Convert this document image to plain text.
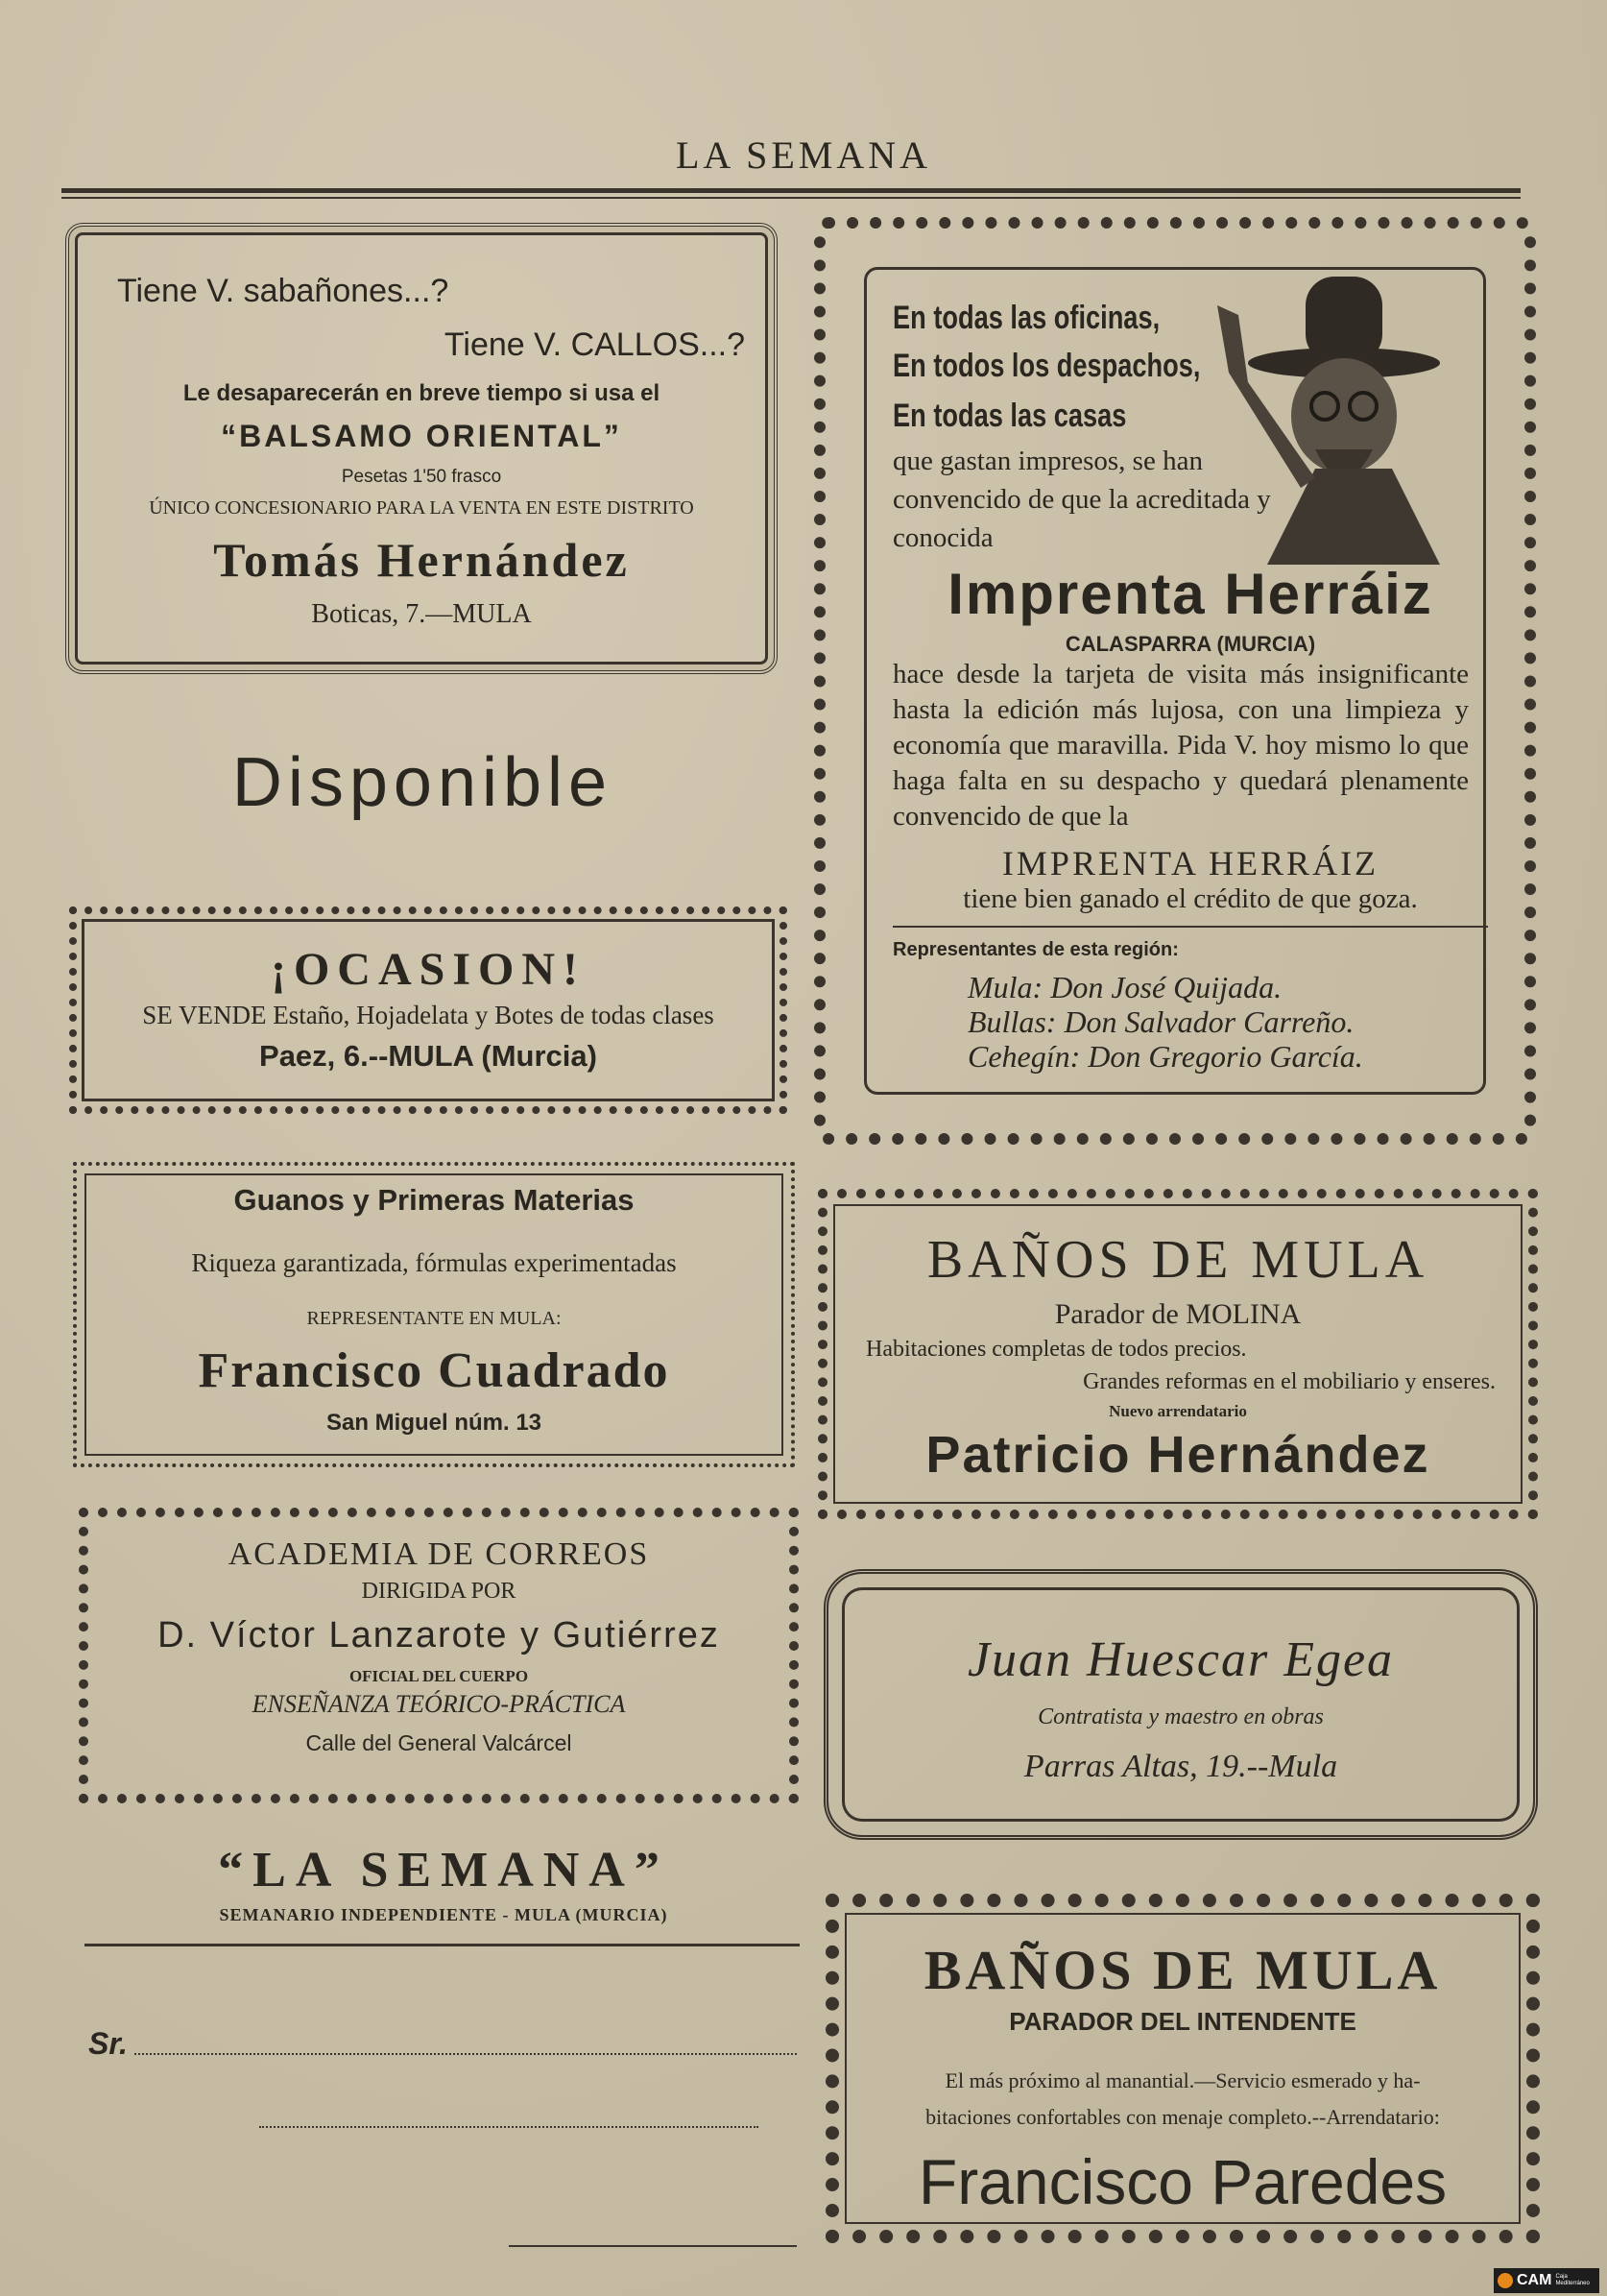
LA SEMANA
Tiene V. sabañones...?
Tiene V. CALLOS...?
Le desaparecerán en breve tiempo si usa el
“BALSAMO ORIENTAL”
Pesetas 1'50 frasco
ÚNICO CONCESIONARIO PARA LA VENTA EN ESTE DISTRITO
Tomás Hernández
Boticas, 7.—MULA
Disponible
¡OCASION!
SE VENDE Estaño, Hojadelata y Botes de todas clases
Paez, 6.--MULA (Murcia)
Guanos y Primeras Materias
Riqueza garantizada, fórmulas experimentadas
REPRESENTANTE EN MULA:
Francisco Cuadrado
San Miguel núm. 13
ACADEMIA DE CORREOS
DIRIGIDA POR
D. Víctor Lanzarote y Gutiérrez
OFICIAL DEL CUERPO
ENSEÑANZA TEÓRICO-PRÁCTICA
Calle del General Valcárcel
“LA SEMANA”
SEMANARIO INDEPENDIENTE - MULA (MURCIA)
Sr.
En todas las oficinas,
En todos los despachos,
En todas las casas
que gastan impresos, se han convencido de que la acreditada y conocida
Imprenta Herráiz
CALASPARRA (MURCIA)
hace desde la tarjeta de visita más insignificante hasta la edición más lujosa, con una limpieza y economía que maravilla. Pida V. hoy mismo lo que haga falta en su despacho y quedará plenamente convencido de que la
IMPRENTA HERRÁIZ
tiene bien ganado el crédito de que goza.
Representantes de esta región:
Mula: Don José Quijada.
Bullas: Don Salvador Carreño.
Cehegín: Don Gregorio García.
BAÑOS DE MULA
Parador de MOLINA
Habitaciones completas de todos precios.
Grandes reformas en el mobiliario y enseres.
Nuevo arrendatario
Patricio Hernández
Juan Huescar Egea
Contratista y maestro en obras
Parras Altas, 19.--Mula
BAÑOS DE MULA
PARADOR DEL INTENDENTE
El más próximo al manantial.—Servicio esmerado y ha-
bitaciones confortables con menaje completo.--Arrendatario:
Francisco Paredes
CAM Caja Mediterráneo
